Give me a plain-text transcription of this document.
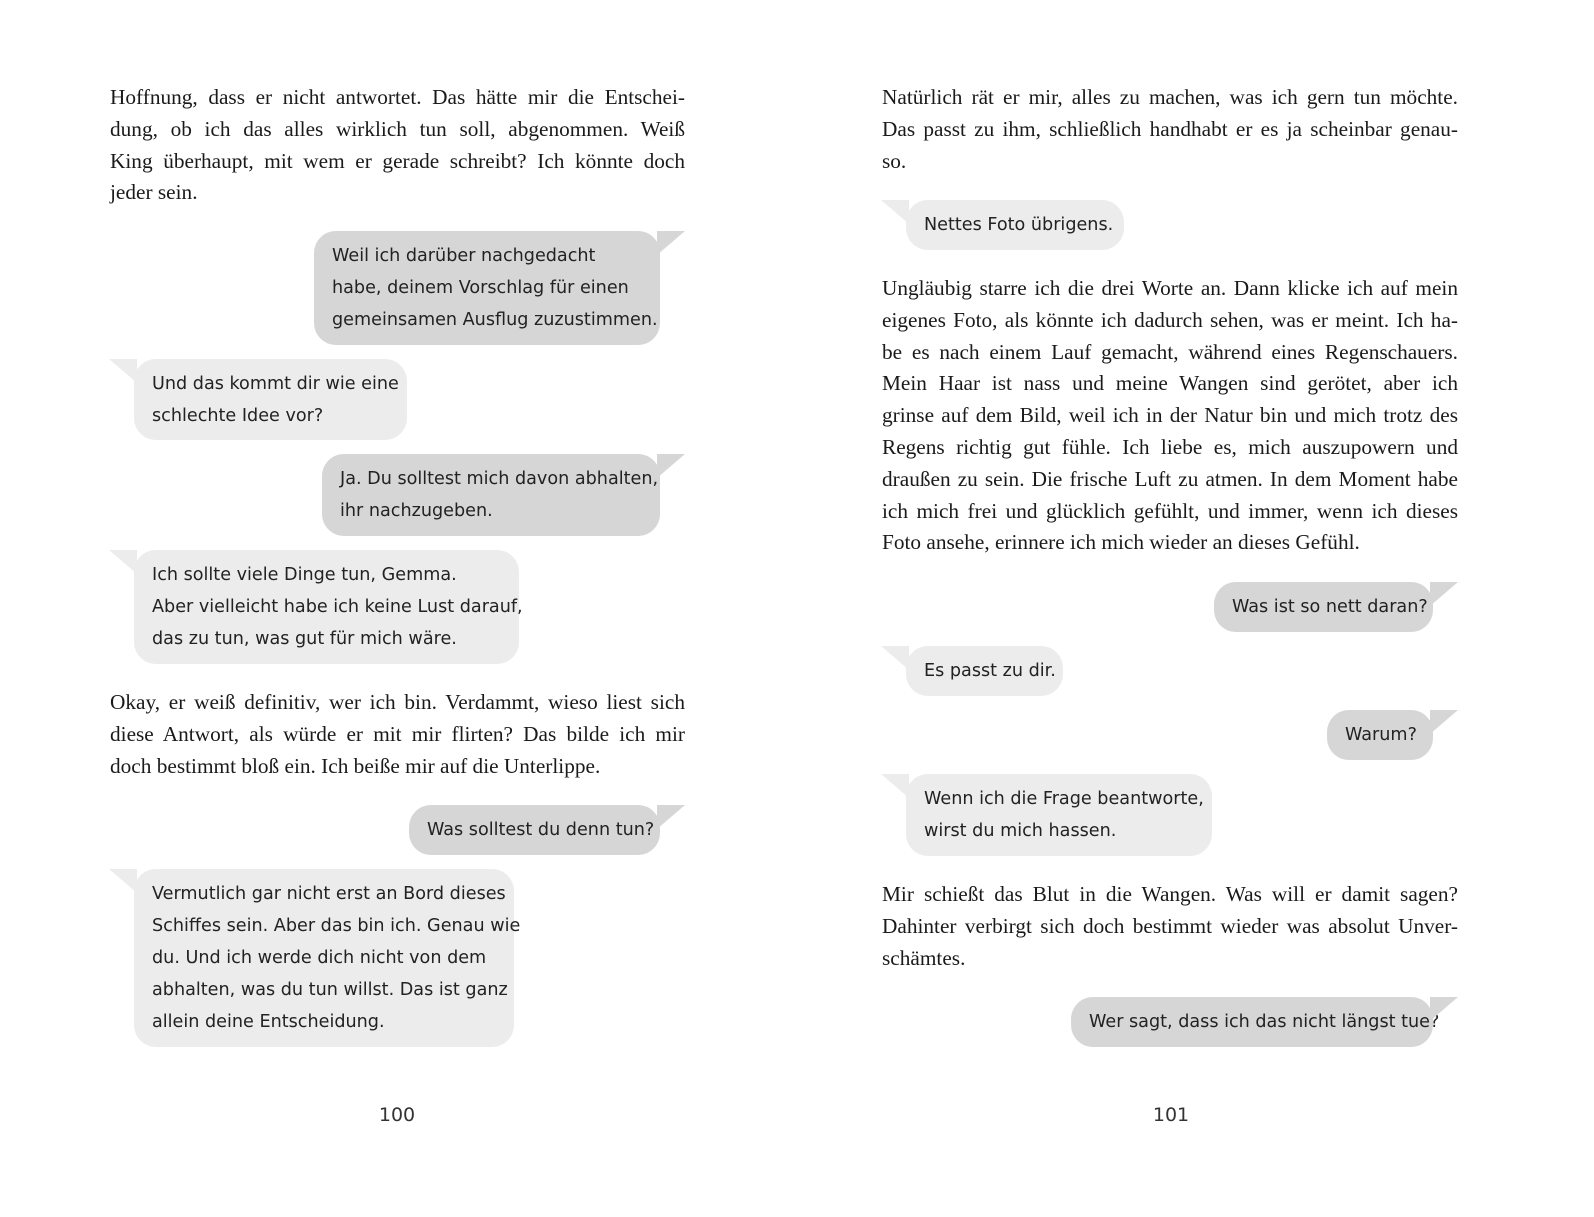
Hoffnung, dass er nicht antwortet. Das hätte mir die Entschei-
dung, ob ich das alles wirklich tun soll, abgenommen. Weiß
King überhaupt, mit wem er gerade schreibt? Ich könnte doch
jeder sein.
Weil ich darüber nachgedacht
habe, deinem Vorschlag für einen
gemeinsamen Ausflug zuzustimmen.
Und das kommt dir wie eine
schlechte Idee vor?
Ja. Du solltest mich davon abhalten,
ihr nachzugeben.
Ich sollte viele Dinge tun, Gemma.
Aber vielleicht habe ich keine Lust darauf,
das zu tun, was gut für mich wäre.
Okay, er weiß definitiv, wer ich bin. Verdammt, wieso liest sich
diese Antwort, als würde er mit mir flirten? Das bilde ich mir
doch bestimmt bloß ein. Ich beiße mir auf die Unterlippe.
Was solltest du denn tun?
Vermutlich gar nicht erst an Bord dieses
Schiffes sein. Aber das bin ich. Genau wie
du. Und ich werde dich nicht von dem
abhalten, was du tun willst. Das ist ganz
allein deine Entscheidung.
100
Natürlich rät er mir, alles zu machen, was ich gern tun möchte.
Das passt zu ihm, schließlich handhabt er es ja scheinbar genau-
so.
Nettes Foto übrigens.
Ungläubig starre ich die drei Worte an. Dann klicke ich auf mein
eigenes Foto, als könnte ich dadurch sehen, was er meint. Ich ha-
be es nach einem Lauf gemacht, während eines Regenschauers.
Mein Haar ist nass und meine Wangen sind gerötet, aber ich
grinse auf dem Bild, weil ich in der Natur bin und mich trotz des
Regens richtig gut fühle. Ich liebe es, mich auszupowern und
draußen zu sein. Die frische Luft zu atmen. In dem Moment habe
ich mich frei und glücklich gefühlt, und immer, wenn ich dieses
Foto ansehe, erinnere ich mich wieder an dieses Gefühl.
Was ist so nett daran?
Es passt zu dir.
Warum?
Wenn ich die Frage beantworte,
wirst du mich hassen.
Mir schießt das Blut in die Wangen. Was will er damit sagen?
Dahinter verbirgt sich doch bestimmt wieder was absolut Unver-
schämtes.
Wer sagt, dass ich das nicht längst tue?
101
